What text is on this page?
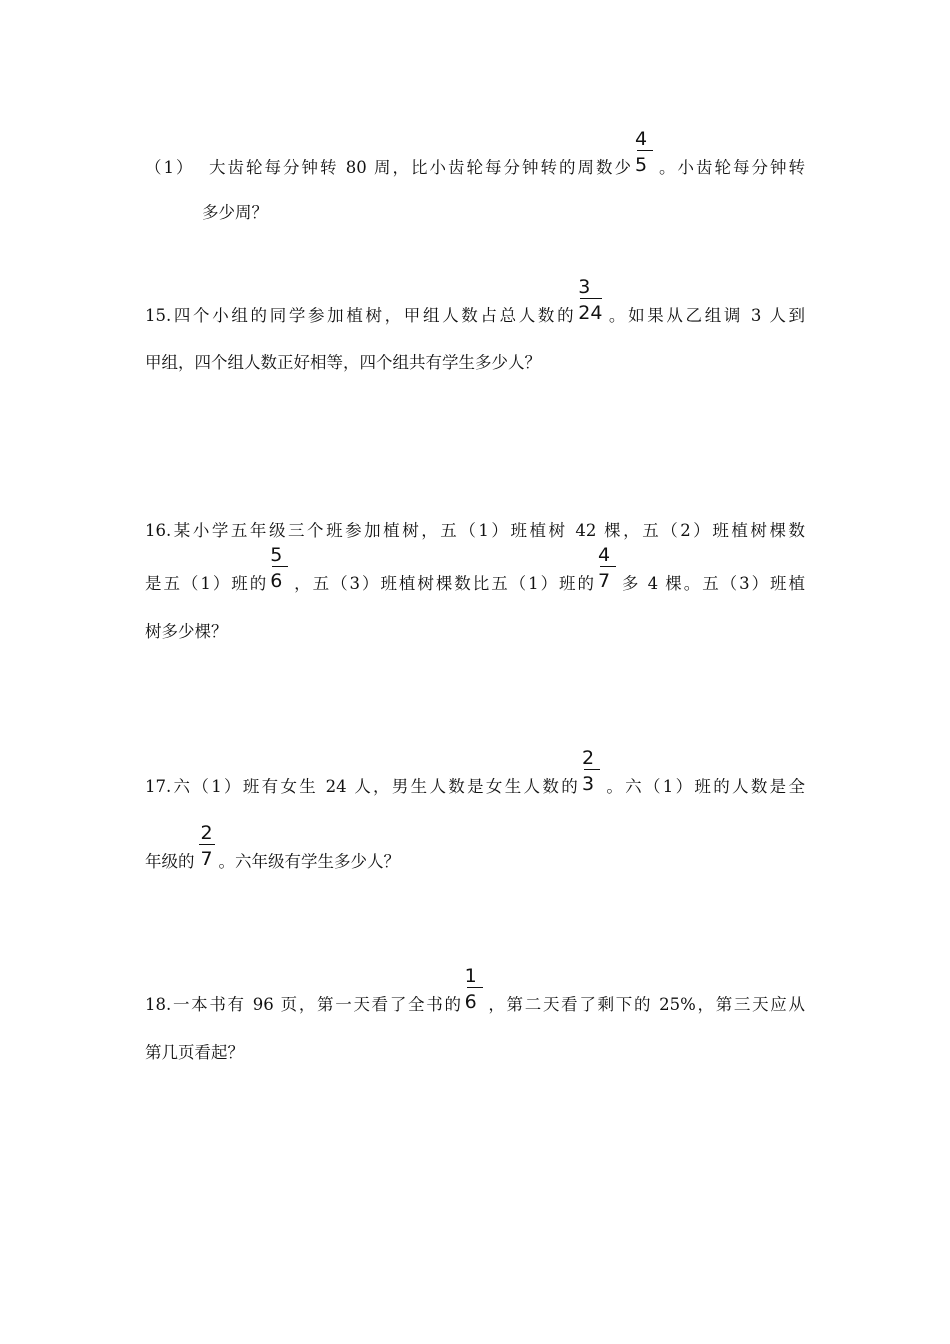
（1） 大齿轮每分钟转 80 周，比小齿轮每分钟转的周数少 $\frac{4}{5}$ 。小齿轮每分钟转
多少周？
15.四个小组的同学参加植树，甲组人数占总人数的 $\frac{3}{24}$ 。如果从乙组调 3 人到
甲组，四个组人数正好相等，四个组共有学生多少人？
16.某小学五年级三个班参加植树，五（1）班植树 42 棵，五（2）班植树棵数
是五（1）班的 $\frac{5}{6}$ ，五（3）班植树棵数比五（1）班的 $\frac{4}{7}$ 多 4 棵。五（3）班植
树多少棵？
17.六（1）班有女生 24 人，男生人数是女生人数的 $\frac{2}{3}$ 。六（1）班的人数是全
年级的 $\frac{2}{7}$ 。六年级有学生多少人？
18.一本书有 96 页，第一天看了全书的 $\frac{1}{6}$ ，第二天看了剩下的 25%，第三天应从
第几页看起？
